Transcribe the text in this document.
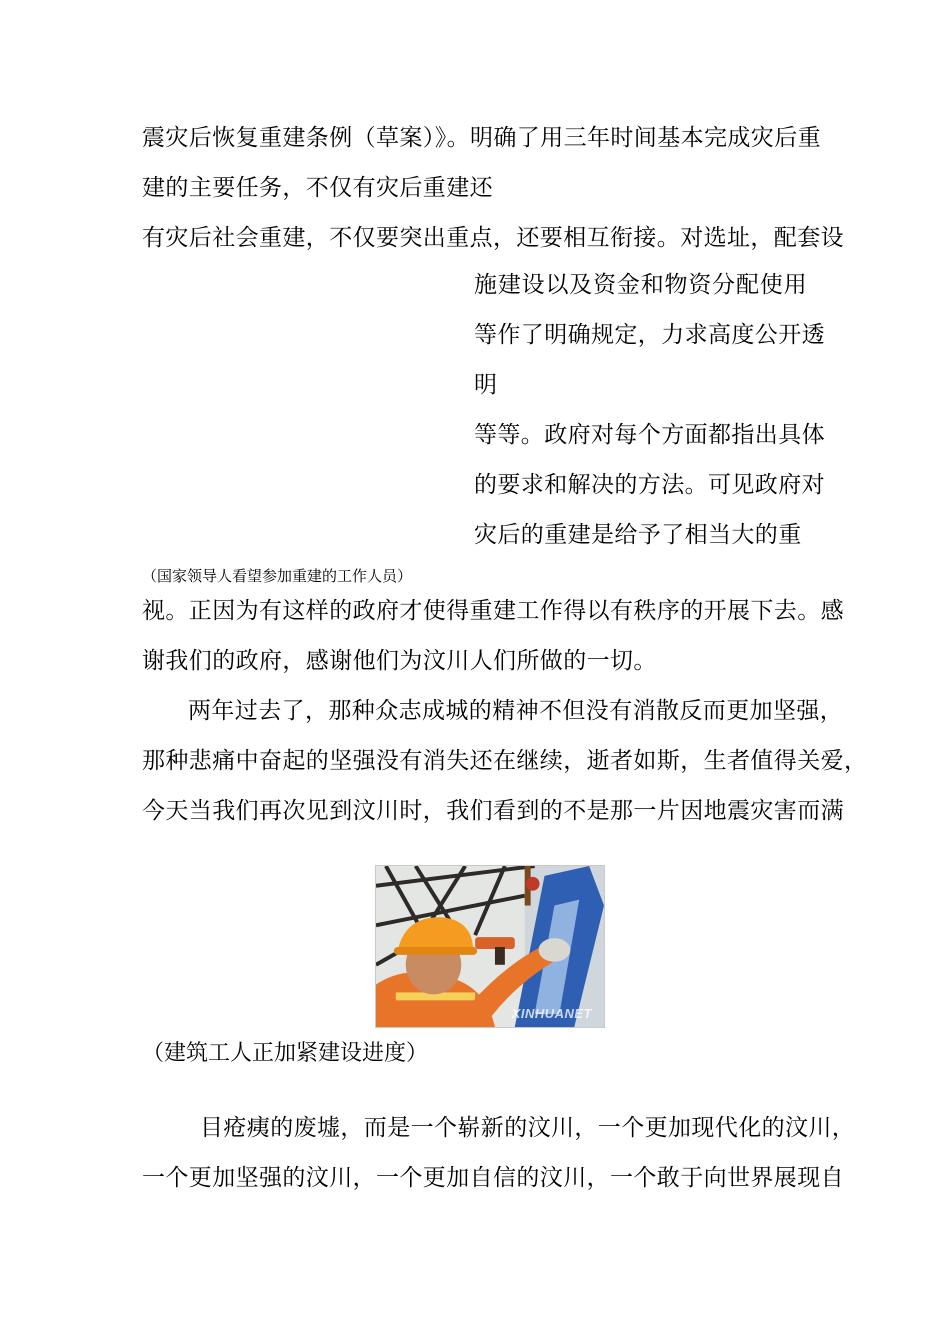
震灾后恢复重建条例（草案）》。明确了用三年时间基本完成灾后重
建的主要任务，不仅有灾后重建还
有灾后社会重建，不仅要突出重点，还要相互衔接。对选址，配套设
施建设以及资金和物资分配使用
等作了明确规定，力求高度公开透
明
等等。政府对每个方面都指出具体
的要求和解决的方法。可见政府对
灾后的重建是给予了相当大的重
（国家领导人看望参加重建的工作人员）
视。正因为有这样的政府才使得重建工作得以有秩序的开展下去。感
谢我们的政府，感谢他们为汶川人们所做的一切。
两年过去了，那种众志成城的精神不但没有消散反而更加坚强，
那种悲痛中奋起的坚强没有消失还在继续，逝者如斯，生者值得关爱，
今天当我们再次见到汶川时，我们看到的不是那一片因地震灾害而满
XINHUANET
（建筑工人正加紧建设进度）
目疮痍的废墟，而是一个崭新的汶川，一个更加现代化的汶川，
一个更加坚强的汶川，一个更加自信的汶川，一个敢于向世界展现自
